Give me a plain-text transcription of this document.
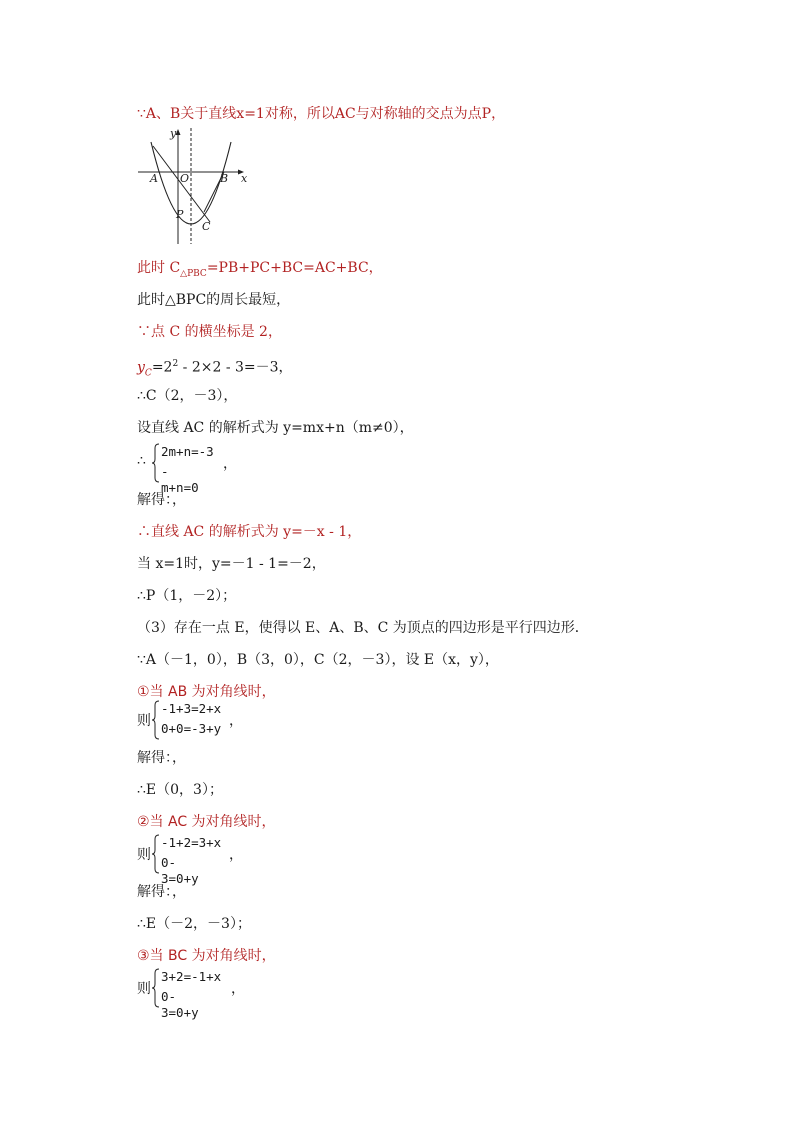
∵A、B关于直线x=1对称，所以AC与对称轴的交点为点P，
y
x
A O	B
P
C
此时 $C_{\triangle PBC}=PB+PC+BC=AC+BC$，
此时△BPC的周长最短，
∵点 C 的横坐标是 2，
$y_C=2^2 - 2\times 2 - 3=-3$，
∴C（2，－3），
设直线 AC 的解析式为 y=mx+n（m≠0），
∴
2m+n=-3
-m+n=0
，
解得：，
∴直线 AC 的解析式为 y=－x - 1，
当 x=1时，y=－1 - 1=－2，
∴P（1，－2）；
（3）存在一点 E，使得以 E、A、B、C 为顶点的四边形是平行四边形．
∵A（－1，0），B（3，0），C（2，－3），设 E（x，y），
①当 AB 为对角线时，
则
-1+3=2+x
0+0=-3+y ，
解得：，
∴E（0，3）；
②当 AC 为对角线时，
则
-1+2=3+x
0-3=0+y
，
解得：，
∴E（－2，－3）；
③当 BC 为对角线时，
则
3+2=-1+x
0-3=0+y
，
